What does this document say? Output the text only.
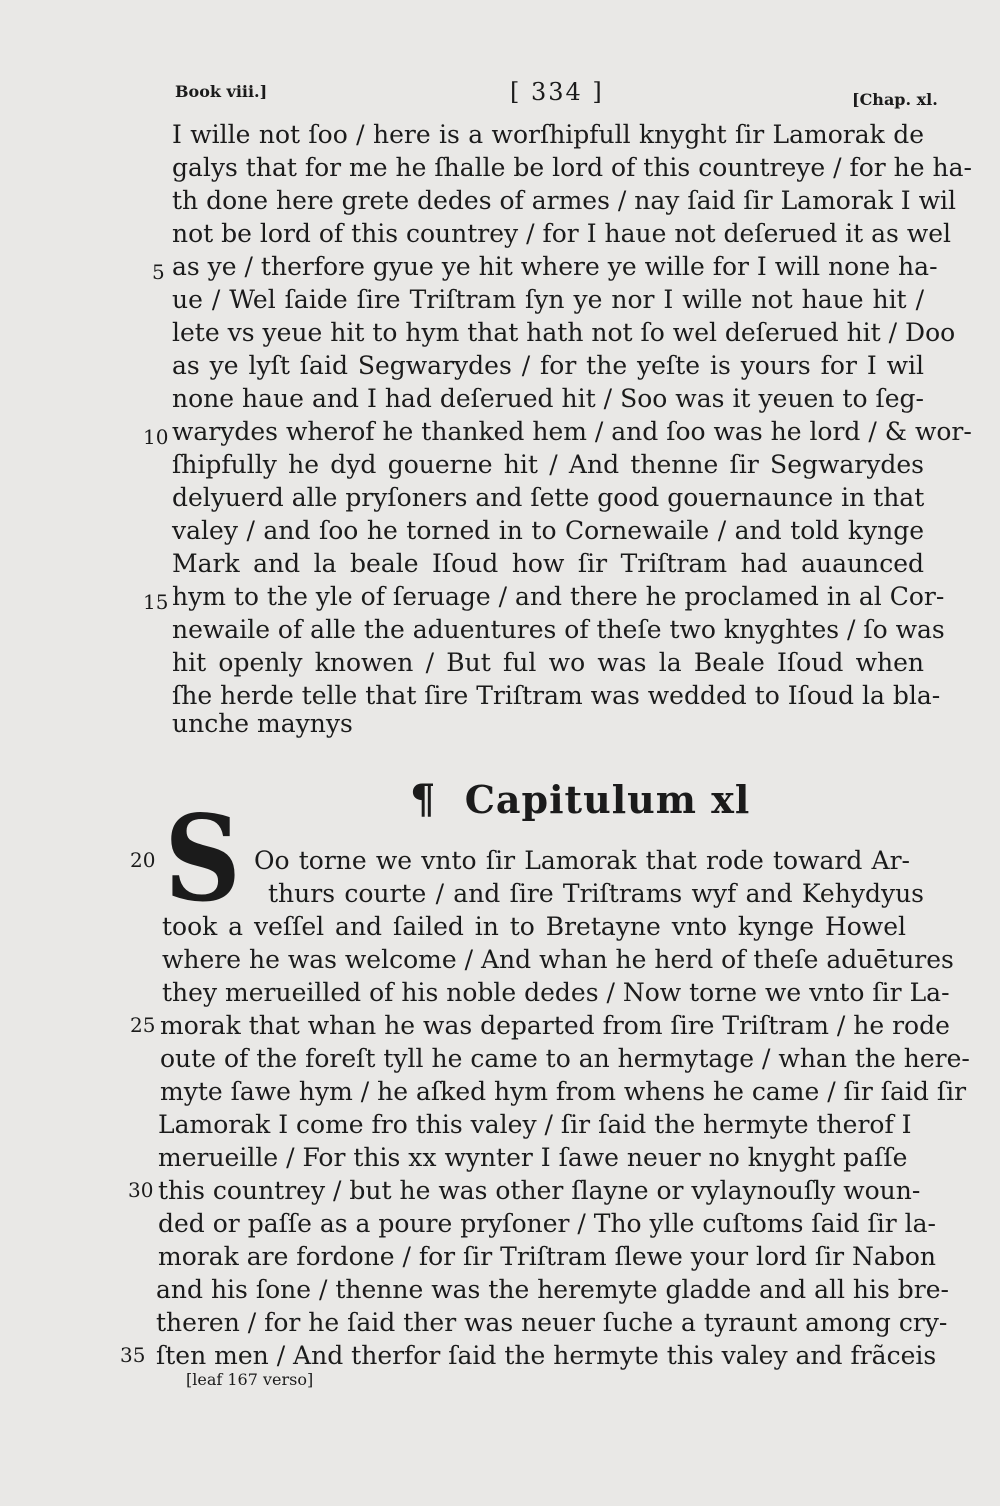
Book viii.]	[ 334 ]	[Chap. xl.
I wille not ſoo / here is a worſhipfull knyght ſir Lamorak de
galys that for me he ſhalle be lord of this countreye / for he ha-
th done here grete dedes of armes / nay ſaid ſir Lamorak I wil
not be lord of this countrey / for I haue not deſerued it as wel
as ye / therfore gyue ye hit where ye wille for I will none ha-
ue / Wel ſaide ſire Triſtram ſyn ye nor I wille not haue hit /
lete vs yeue hit to hym that hath not ſo wel deſerued hit / Doo
as ye lyſt ſaid Segwarydes / for the yeſte is yours for I wil
none haue and I had deſerued hit / Soo was it yeuen to ſeg-
warydes wherof he thanked hem / and ſoo was he lord / & wor-
ſhipfully he dyd gouerne hit / And thenne ſir Segwarydes
delyuerd alle pryſoners and ſette good gouernaunce in that
valey / and ſoo he torned in to Cornewaile / and told kynge
Mark and la beale Iſoud how ſir Triſtram had auaunced
hym to the yle of ſeruage / and there he proclamed in al Cor-
newaile of alle the aduentures of theſe two knyghtes / ſo was
hit openly knowen / But ful wo was la Beale Iſoud when
ſhe herde telle that ſire Triſtram was wedded to Iſoud la bla-
unche maynys
5
10
15
20
25
30
35
¶ Capitulum xl
S Oo torne we vnto ſir Lamorak that rode toward Ar-
thurs courte / and ſire Triſtrams wyf and Kehydyus
took a veſſel and ſailed in to Bretayne vnto kynge Howel
where he was welcome / And whan he herd of theſe aduētures
they merueilled of his noble dedes / Now torne we vnto ſir La-
morak that whan he was departed from ſire Triſtram / he rode
oute of the foreſt tyll he came to an hermytage / whan the here-
myte ſawe hym / he aſked hym from whens he came / ſir ſaid ſir
Lamorak I come fro this valey / ſir ſaid the hermyte therof I
merueille / For this xx wynter I ſawe neuer no knyght paſſe
this countrey / but he was other ſlayne or vylaynouſly woun-
ded or paſſe as a poure pryſoner / Tho ylle cuſtoms ſaid ſir la-
morak are fordone / for ſir Triſtram ſlewe your lord ſir Nabon
and his ſone / thenne was the heremyte gladde and all his bre-
theren / for he ſaid ther was neuer ſuche a tyraunt among cry-
ſten men / And therfor ſaid the hermyte this valey and frãceis
[leaf 167 verso]
